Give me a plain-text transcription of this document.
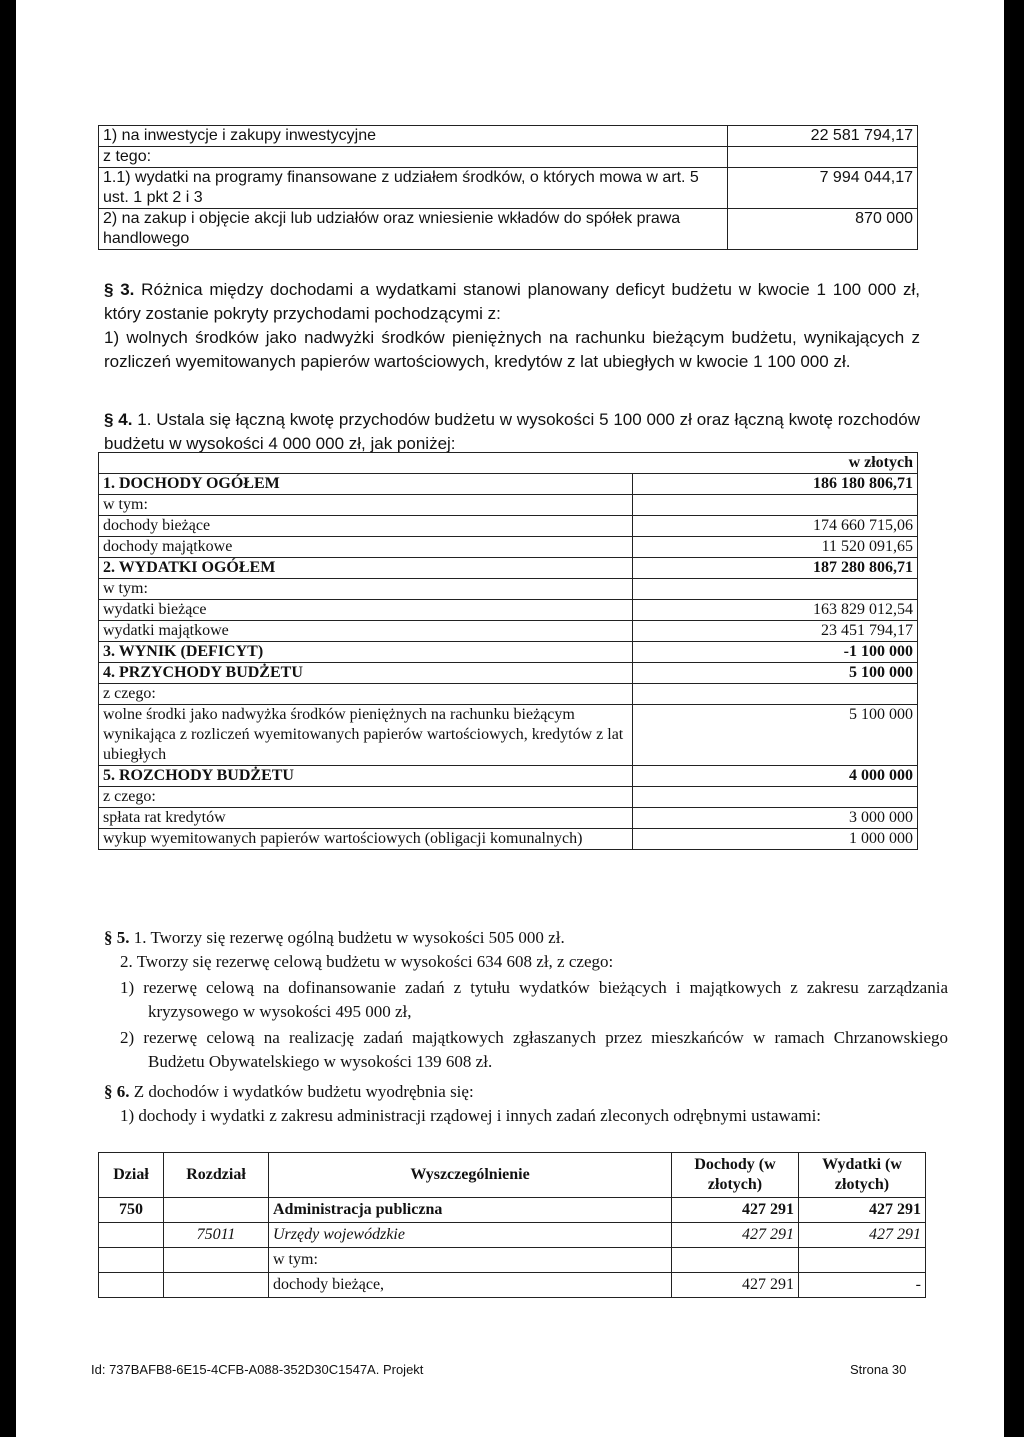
1) na inwestycje i zakupy inwestycyjne	22 581 794,17
z tego:	
1.1) wydatki na programy finansowane z udziałem środków, o których mowa w art. 5 ust. 1 pkt 2 i 3	7 994 044,17
2) na zakup i objęcie akcji lub udziałów oraz wniesienie wkładów do spółek prawa handlowego	870 000
§ 3. Różnica między dochodami a wydatkami stanowi planowany deficyt budżetu w kwocie 1 100 000 zł, który zostanie pokryty przychodami pochodzącymi z:
1) wolnych środków jako nadwyżki środków pieniężnych na rachunku bieżącym budżetu, wynikających z rozliczeń wyemitowanych papierów wartościowych, kredytów z lat ubiegłych w kwocie 1 100 000 zł.
§ 4. 1. Ustala się łączną kwotę przychodów budżetu w wysokości 5 100 000 zł oraz łączną kwotę rozchodów budżetu w wysokości 4 000 000 zł, jak poniżej:
w złotych	
1. DOCHODY OGÓŁEM	186 180 806,71
w tym:	
dochody bieżące	174 660 715,06
dochody majątkowe	11 520 091,65
2. WYDATKI OGÓŁEM	187 280 806,71
w tym:	
wydatki bieżące	163 829 012,54
wydatki majątkowe	23 451 794,17
3. WYNIK (DEFICYT)	-1 100 000
4. PRZYCHODY BUDŻETU	5 100 000
z czego:	
wolne środki jako nadwyżka środków pieniężnych na rachunku bieżącym wynikająca z rozliczeń wyemitowanych papierów wartościowych, kredytów z lat ubiegłych	5 100 000
5. ROZCHODY BUDŻETU	4 000 000
z czego:	
spłata rat kredytów	3 000 000
wykup wyemitowanych papierów wartościowych (obligacji komunalnych)	1 000 000
§ 5. 1. Tworzy się rezerwę ogólną budżetu w wysokości 505 000 zł.
2. Tworzy się rezerwę celową budżetu w wysokości 634 608 zł, z czego:
1) rezerwę celową na dofinansowanie zadań z tytułu wydatków bieżących i majątkowych z zakresu zarządzania kryzysowego w wysokości 495 000 zł,
2) rezerwę celową na realizację zadań majątkowych zgłaszanych przez mieszkańców w ramach Chrzanowskiego Budżetu Obywatelskiego w wysokości 139 608 zł.
§ 6. Z dochodów i wydatków budżetu wyodrębnia się:
1) dochody i wydatki z zakresu administracji rządowej i innych zadań zleconych odrębnymi ustawami:
Dział	Rozdział	Wyszczególnienie	Dochody (w złotych)	Wydatki (w złotych)
750		Administracja publiczna	427 291	427 291
	75011	Urzędy wojewódzkie	427 291	427 291
		w tym:		
		dochody bieżące,	427 291	-
Id: 737BAFB8-6E15-4CFB-A088-352D30C1547A. Projekt	Strona 30
